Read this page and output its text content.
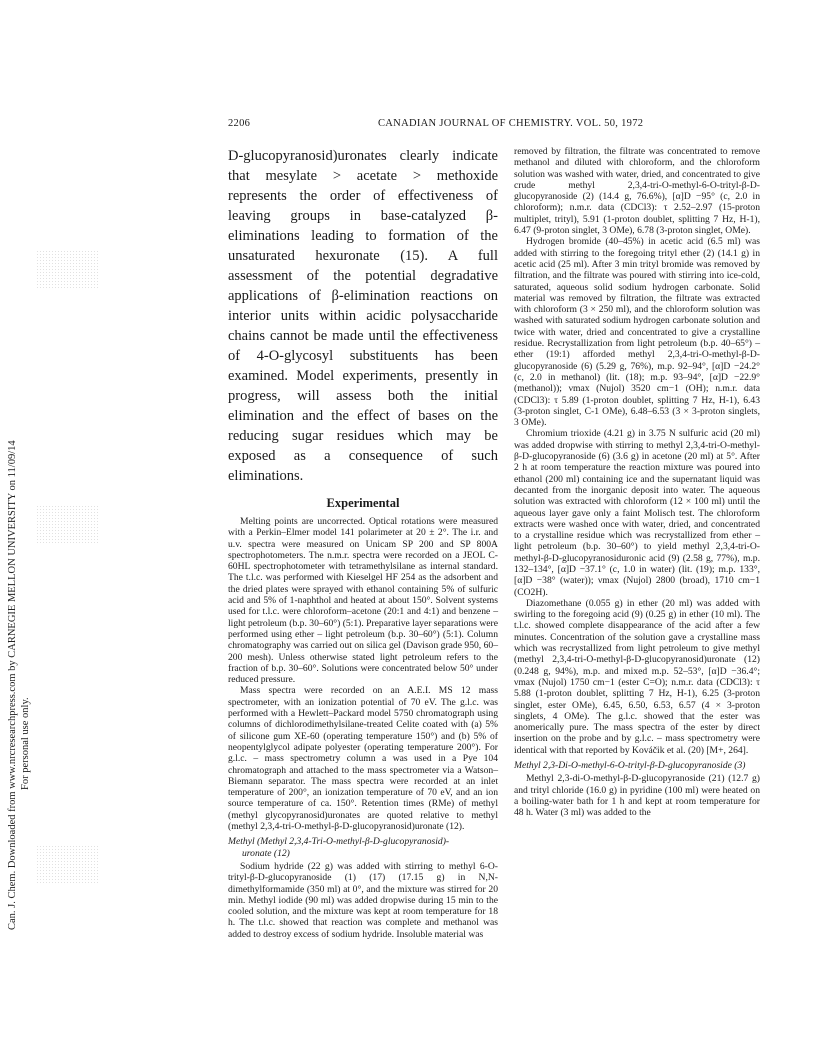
2206	CANADIAN JOURNAL OF CHEMISTRY. VOL. 50, 1972
Can. J. Chem. Downloaded from www.nrcresearchpress.com by CARNEGIE MELLON UNIVERSITY on 11/09/14 For personal use only.

D-glucopyranosid)uronates clearly indicate that mesylate > acetate > methoxide represents the order of effectiveness of leaving groups in base-catalyzed β-eliminations leading to formation of the unsaturated hexuronate (15). A full assessment of the potential degradative applications of β-elimination reactions on interior units within acidic polysaccharide chains cannot be made until the effectiveness of 4-O-glycosyl substituents has been examined. Model experiments, presently in progress, will assess both the initial elimination and the effect of bases on the reducing sugar residues which may be exposed as a consequence of such eliminations.

Experimental

Melting points are uncorrected. Optical rotations were measured with a Perkin–Elmer model 141 polarimeter at 20 ± 2°. The i.r. and u.v. spectra were measured on Unicam SP 200 and SP 800A spectrophotometers. The n.m.r. spectra were recorded on a JEOL C-60HL spectrophotometer with tetramethylsilane as internal standard. The t.l.c. was performed with Kieselgel HF 254 as the adsorbent and the dried plates were sprayed with ethanol containing 5% of sulfuric acid and 5% of 1-naphthol and heated at about 150°. Solvent systems used for t.l.c. were chloroform–acetone (20:1 and 4:1) and benzene – light petroleum (b.p. 30–60°) (5:1). Preparative layer separations were performed using ether – light petroleum (b.p. 30–60°) (5:1). Column chromatography was carried out on silica gel (Davison grade 950, 60–200 mesh). Unless otherwise stated light petroleum refers to the fraction of b.p. 30–60°. Solutions were concentrated below 50° under reduced pressure.

Mass spectra were recorded on an A.E.I. MS 12 mass spectrometer, with an ionization potential of 70 eV. The g.l.c. was performed with a Hewlett–Packard model 5750 chromatograph using columns of dichlorodimethylsilane-treated Celite coated with (a) 5% of silicone gum XE-60 (operating temperature 150°) and (b) 5% of neopentylglycol adipate polyester (operating temperature 200°). For g.l.c. – mass spectrometry column a was used in a Pye 104 chromatograph and attached to the mass spectrometer via a Watson–Biemann separator. The mass spectra were recorded at an inlet temperature of 200°, an ionization temperature of 70 eV, and an ion source temperature of ca. 150°. Retention times (RMe) of methyl (methyl glycopyranosid)uronates are quoted relative to methyl (methyl 2,3,4-tri-O-methyl-β-D-glucopyranosid)uronate (12).

Methyl (Methyl 2,3,4-Tri-O-methyl-β-D-glucopyranosid)-
uronate (12)

Sodium hydride (22 g) was added with stirring to methyl 6-O-trityl-β-D-glucopyranoside (1) (17) (17.15 g) in N,N-dimethylformamide (350 ml) at 0°, and the mixture was stirred for 20 min. Methyl iodide (90 ml) was added dropwise during 15 min to the cooled solution, and the mixture was kept at room temperature for 18 h. The t.l.c. showed that reaction was complete and methanol was added to destroy excess of sodium hydride. Insoluble material was

removed by filtration, the filtrate was concentrated to remove methanol and diluted with chloroform, and the chloroform solution was washed with water, dried, and concentrated to give crude methyl 2,3,4-tri-O-methyl-6-O-trityl-β-D-glucopyranoside (2) (14.4 g, 76.6%), [α]D −95° (c, 2.0 in chloroform); n.m.r. data (CDCl3): τ 2.52–2.97 (15-proton multiplet, trityl), 5.91 (1-proton doublet, splitting 7 Hz, H-1), 6.47 (9-proton singlet, 3 OMe), 6.78 (3-proton singlet, OMe).

Hydrogen bromide (40–45%) in acetic acid (6.5 ml) was added with stirring to the foregoing trityl ether (2) (14.1 g) in acetic acid (25 ml). After 3 min trityl bromide was removed by filtration, and the filtrate was poured with stirring into ice-cold, saturated, aqueous solid sodium hydrogen carbonate. Solid material was removed by filtration, the filtrate was extracted with chloroform (3 × 250 ml), and the chloroform solution was washed with saturated sodium hydrogen carbonate solution and twice with water, dried and concentrated to give a crystalline residue. Recrystallization from light petroleum (b.p. 40–65°) – ether (19:1) afforded methyl 2,3,4-tri-O-methyl-β-D-glucopyranoside (6) (5.29 g, 76%), m.p. 92–94°, [α]D −24.2° (c, 2.0 in methanol) (lit. (18); m.p. 93–94°, [α]D −22.9° (methanol)); νmax (Nujol) 3520 cm−1 (OH); n.m.r. data (CDCl3): τ 5.89 (1-proton doublet, splitting 7 Hz, H-1), 6.43 (3-proton singlet, C-1 OMe), 6.48–6.53 (3 × 3-proton singlets, 3 OMe).

Chromium trioxide (4.21 g) in 3.75 N sulfuric acid (20 ml) was added dropwise with stirring to methyl 2,3,4-tri-O-methyl-β-D-glucopyranoside (6) (3.6 g) in acetone (20 ml) at 5°. After 2 h at room temperature the reaction mixture was poured into ethanol (200 ml) containing ice and the supernatant liquid was decanted from the inorganic deposit into water. The aqueous solution was extracted with chloroform (12 × 100 ml) until the aqueous layer gave only a faint Molisch test. The chloroform extracts were washed once with water, dried, and concentrated to a crystalline residue which was recrystallized from ether – light petroleum (b.p. 30–60°) to yield methyl 2,3,4-tri-O-methyl-β-D-glucopyranosiduronic acid (9) (2.58 g, 77%), m.p. 132–134°, [α]D −37.1° (c, 1.0 in water) (lit. (19); m.p. 133°, [α]D −38° (water)); νmax (Nujol) 2800 (broad), 1710 cm−1 (CO2H).

Diazomethane (0.055 g) in ether (20 ml) was added with swirling to the foregoing acid (9) (0.25 g) in ether (10 ml). The t.l.c. showed complete disappearance of the acid after a few minutes. Concentration of the solution gave a crystalline mass which was recrystallized from light petroleum to give methyl (methyl 2,3,4-tri-O-methyl-β-D-glucopyranosid)uronate (12) (0.248 g, 94%), m.p. and mixed m.p. 52–53°, [α]D −36.4°; νmax (Nujol) 1750 cm−1 (ester C=O); n.m.r. data (CDCl3): τ 5.88 (1-proton doublet, splitting 7 Hz, H-1), 6.25 (3-proton singlet, ester OMe), 6.45, 6.50, 6.53, 6.57 (4 × 3-proton singlets, 4 OMe). The g.l.c. showed that the ester was anomerically pure. The mass spectra of the ester by direct insertion on the probe and by g.l.c. – mass spectrometry were identical with that reported by Kováčik et al. (20) [M+, 264].

Methyl 2,3-Di-O-methyl-6-O-trityl-β-D-glucopyranoside (3)

Methyl 2,3-di-O-methyl-β-D-glucopyranoside (21) (12.7 g) and trityl chloride (16.0 g) in pyridine (100 ml) were heated on a boiling-water bath for 1 h and kept at room temperature for 48 h. Water (3 ml) was added to the
